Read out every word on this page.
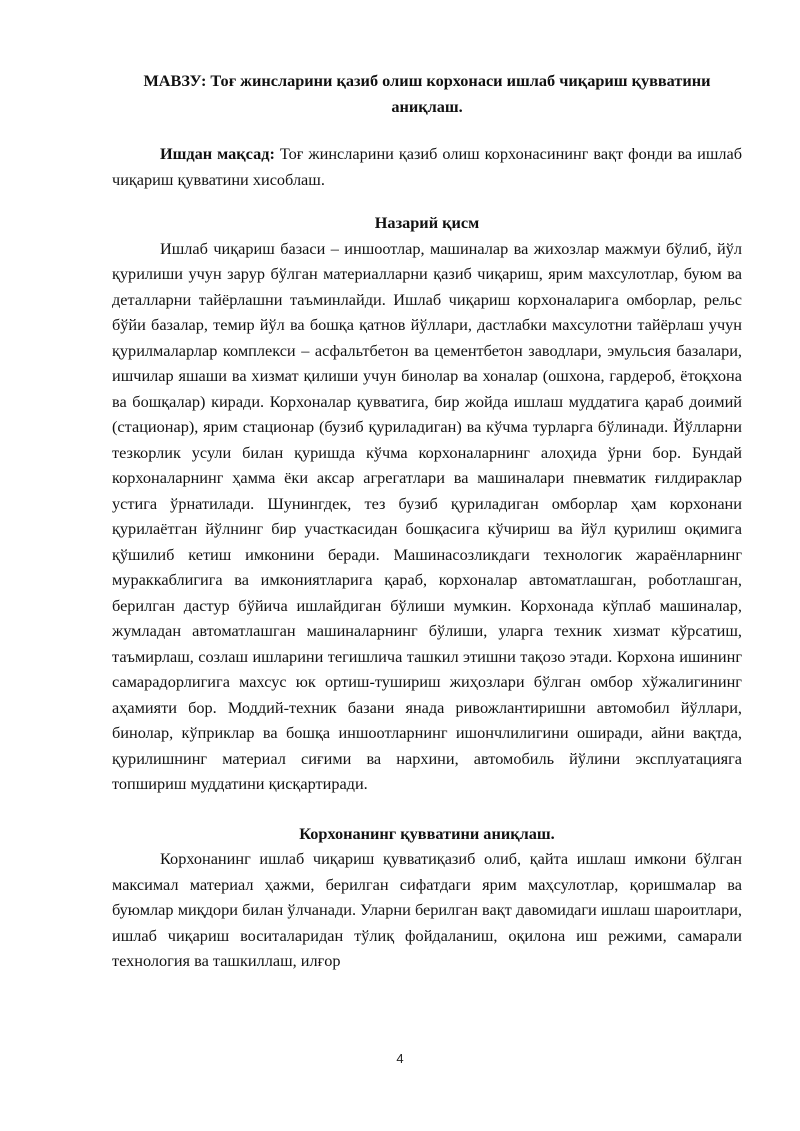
МАВЗУ: Тоғ жинсларини қазиб олиш корхонаси ишлаб чиқариш қувватини аниқлаш.

Ишдан мақсад: Тоғ жинсларини қазиб олиш корхонасининг вақт фонди ва ишлаб чиқариш қувватини хисоблаш.

Назарий қисм

Ишлаб чиқариш базаси – иншоотлар, машиналар ва жихозлар мажмуи бўлиб, йўл қурилиши учун зарур бўлган материалларни қазиб чиқариш, ярим махсулотлар, буюм ва деталларни тайёрлашни таъминлайди. Ишлаб чиқариш корхоналарига омборлар, рельс бўйи базалар, темир йўл ва бошқа қатнов йўллари, дастлабки махсулотни тайёрлаш учун қурилмаларлар комплекси – асфальтбетон ва цементбетон заводлари, эмульсия базалари, ишчилар яшаши ва хизмат қилиши учун бинолар ва хоналар (ошхона, гардероб, ётоқхона ва бошқалар) киради. Корхоналар қувватига, бир жойда ишлаш муддатига қараб доимий (стационар), ярим стационар (бузиб қуриладиган) ва кўчма турларга бўлинади. Йўлларни тезкорлик усули билан қуришда кўчма корхоналарнинг алоҳида ўрни бор. Бундай корхоналарнинг ҳамма ёки аксар агрегатлари ва машиналари пневматик ғилдираклар устига ўрнатилади. Шунингдек, тез бузиб қуриладиган омборлар ҳам корхонани қурилаётган йўлнинг бир участкасидан бошқасига кўчириш ва йўл қурилиш оқимига қўшилиб кетиш имконини беради. Машинасозликдаги технологик жараёнларнинг мураккаблигига ва имкониятларига қараб, корхоналар автоматлашган, роботлашган, берилган дастур бўйича ишлайдиган бўлиши мумкин. Корхонада кўплаб машиналар, жумладан автоматлашган машиналарнинг бўлиши, уларга техник хизмат кўрсатиш, таъмирлаш, созлаш ишларини тегишлича ташкил этишни тақозо этади. Корхона ишининг самарадорлигига махсус юк ортиш-тушириш жиҳозлари бўлган омбор хўжалигининг аҳамияти бор. Моддий-техник базани янада ривожлантиришни автомобил йўллари, бинолар, кўприклар ва бошқа иншоотларнинг ишончлилигини оширади, айни вақтда, қурилишнинг материал сиғими ва нархини, автомобиль йўлини эксплуатацияга топшириш муддатини қисқартиради.

Корхонанинг қувватини аниқлаш.

Корхонанинг ишлаб чиқариш қувватиқазиб олиб, қайта ишлаш имкони бўлган максимал материал ҳажми, берилган сифатдаги ярим маҳсулотлар, қоришмалар ва буюмлар миқдори билан ўлчанади. Уларни берилган вақт давомидаги ишлаш шароитлари, ишлаб чиқариш воситаларидан тўлиқ фойдаланиш, оқилона иш режими, самарали технология ва ташкиллаш, илғор

4
